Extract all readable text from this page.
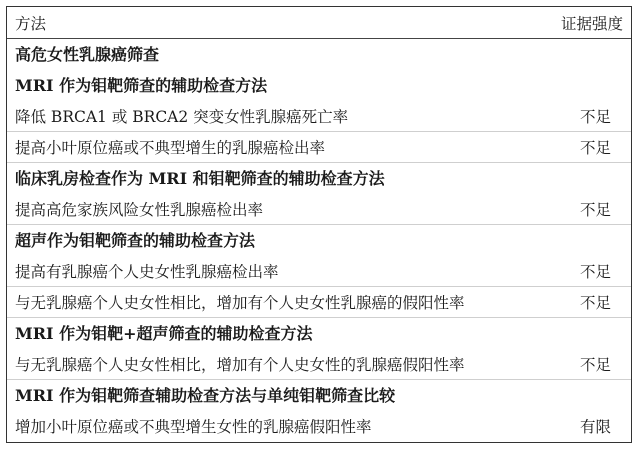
方法	证据强度
高危女性乳腺癌筛查
MRI 作为钼靶筛查的辅助检查方法
降低 BRCA1 或 BRCA2 突变女性乳腺癌死亡率	不足
提高小叶原位癌或不典型增生的乳腺癌检出率	不足
临床乳房检查作为 MRI 和钼靶筛查的辅助检查方法
提高高危家族风险女性乳腺癌检出率	不足
超声作为钼靶筛查的辅助检查方法
提高有乳腺癌个人史女性乳腺癌检出率	不足
与无乳腺癌个人史女性相比，增加有个人史女性乳腺癌的假阳性率	不足
MRI 作为钼靶+超声筛查的辅助检查方法
与无乳腺癌个人史女性相比，增加有个人史女性的乳腺癌假阳性率	不足
MRI 作为钼靶筛查辅助检查方法与单纯钼靶筛查比较
增加小叶原位癌或不典型增生女性的乳腺癌假阳性率	有限
